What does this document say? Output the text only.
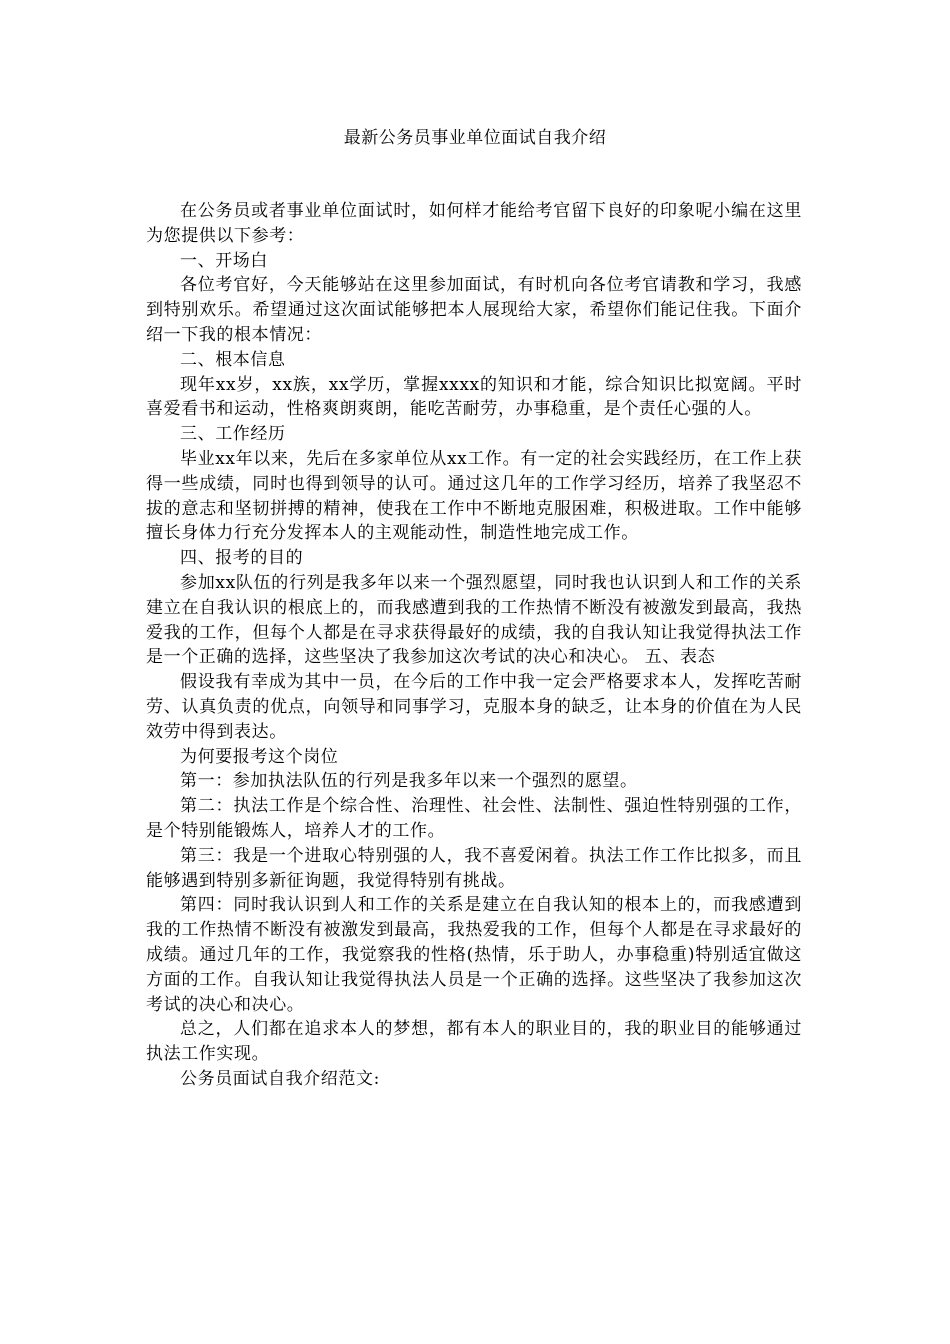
最新公务员事业单位面试自我介绍

在公务员或者事业单位面试时，如何样才能给考官留下良好的印象呢小编在这里为您提供以下参考：

一、开场白

各位考官好，今天能够站在这里参加面试，有时机向各位考官请教和学习，我感到特别欢乐。希望通过这次面试能够把本人展现给大家，希望你们能记住我。下面介绍一下我的根本情况：

二、根本信息

现年xx岁，xx族，xx学历，掌握xxxx的知识和才能，综合知识比拟宽阔。平时喜爱看书和运动，性格爽朗爽朗，能吃苦耐劳，办事稳重，是个责任心强的人。

三、工作经历

毕业xx年以来，先后在多家单位从xx工作。有一定的社会实践经历，在工作上获得一些成绩，同时也得到领导的认可。通过这几年的工作学习经历，培养了我坚忍不拔的意志和坚韧拼搏的精神，使我在工作中不断地克服困难，积极进取。工作中能够擅长身体力行充分发挥本人的主观能动性，制造性地完成工作。

四、报考的目的

参加xx队伍的行列是我多年以来一个强烈愿望，同时我也认识到人和工作的关系建立在自我认识的根底上的，而我感遭到我的工作热情不断没有被激发到最高，我热爱我的工作，但每个人都是在寻求获得最好的成绩，我的自我认知让我觉得执法工作是一个正确的选择，这些坚决了我参加这次考试的决心和决心。 五、表态

假设我有幸成为其中一员，在今后的工作中我一定会严格要求本人，发挥吃苦耐劳、认真负责的优点，向领导和同事学习，克服本身的缺乏，让本身的价值在为人民效劳中得到表达。

为何要报考这个岗位

第一：参加执法队伍的行列是我多年以来一个强烈的愿望。

第二：执法工作是个综合性、治理性、社会性、法制性、强迫性特别强的工作，是个特别能锻炼人，培养人才的工作。

第三：我是一个进取心特别强的人，我不喜爱闲着。执法工作工作比拟多，而且能够遇到特别多新征询题，我觉得特别有挑战。

第四：同时我认识到人和工作的关系是建立在自我认知的根本上的，而我感遭到我的工作热情不断没有被激发到最高，我热爱我的工作，但每个人都是在寻求最好的成绩。通过几年的工作，我觉察我的性格(热情，乐于助人，办事稳重)特别适宜做这方面的工作。自我认知让我觉得执法人员是一个正确的选择。这些坚决了我参加这次考试的决心和决心。

总之，人们都在追求本人的梦想，都有本人的职业目的，我的职业目的能够通过执法工作实现。

公务员面试自我介绍范文:
